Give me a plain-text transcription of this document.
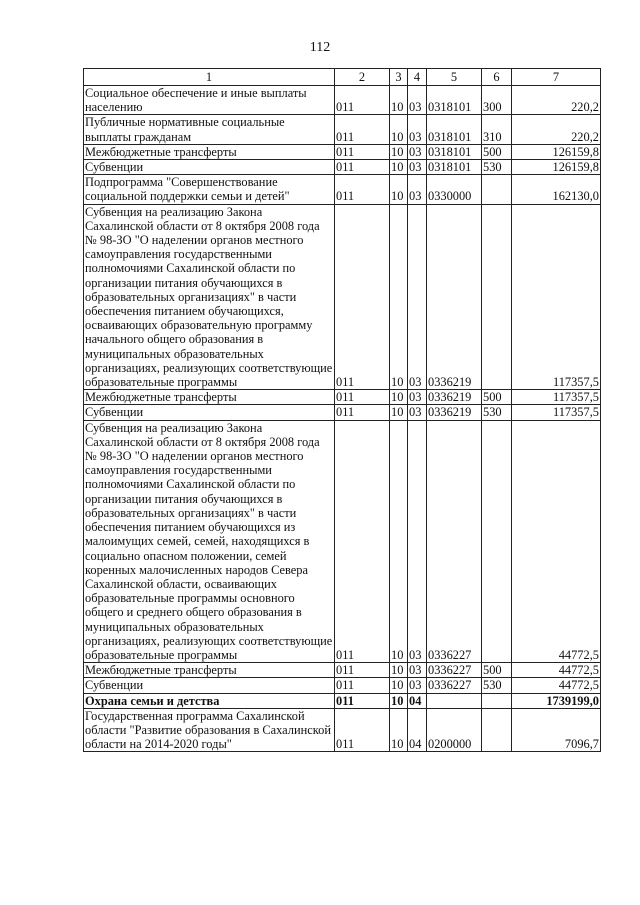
112
1	2	3	4	5	6	7
Социальное обеспечение и иные выплаты населению	011	10	03	0318101	300	220,2
Публичные нормативные социальные выплаты гражданам	011	10	03	0318101	310	220,2
Межбюджетные трансферты	011	10	03	0318101	500	126159,8
Субвенции	011	10	03	0318101	530	126159,8
Подпрограмма "Совершенствование социальной поддержки семьи и детей"	011	10	03	0330000		162130,0
Субвенция на реализацию Закона Сахалинской области от 8 октября 2008 года № 98-ЗО "О наделении органов местного самоуправления государственными полномочиями Сахалинской области по организации питания обучающихся в образовательных организациях" в части обеспечения питанием обучающихся, осваивающих образовательную программу начального общего образования в муниципальных образовательных организациях, реализующих соответствующие образовательные программы	011	10	03	0336219		117357,5
Межбюджетные трансферты	011	10	03	0336219	500	117357,5
Субвенции	011	10	03	0336219	530	117357,5
Субвенция на реализацию Закона Сахалинской области от 8 октября 2008 года № 98-ЗО "О наделении органов местного самоуправления государственными полномочиями Сахалинской области по организации питания обучающихся в образовательных организациях" в части обеспечения питанием обучающихся из малоимущих семей, семей, находящихся в социально опасном положении, семей коренных малочисленных народов Севера Сахалинской области, осваивающих образовательные программы основного общего и среднего общего образования в муниципальных образовательных организациях, реализующих соответствующие образовательные программы	011	10	03	0336227		44772,5
Межбюджетные трансферты	011	10	03	0336227	500	44772,5
Субвенции	011	10	03	0336227	530	44772,5
Охрана семьи и детства	011	10	04			1739199,0
Государственная программа Сахалинской области "Развитие образования в Сахалинской области на 2014-2020 годы"	011	10	04	0200000		7096,7
